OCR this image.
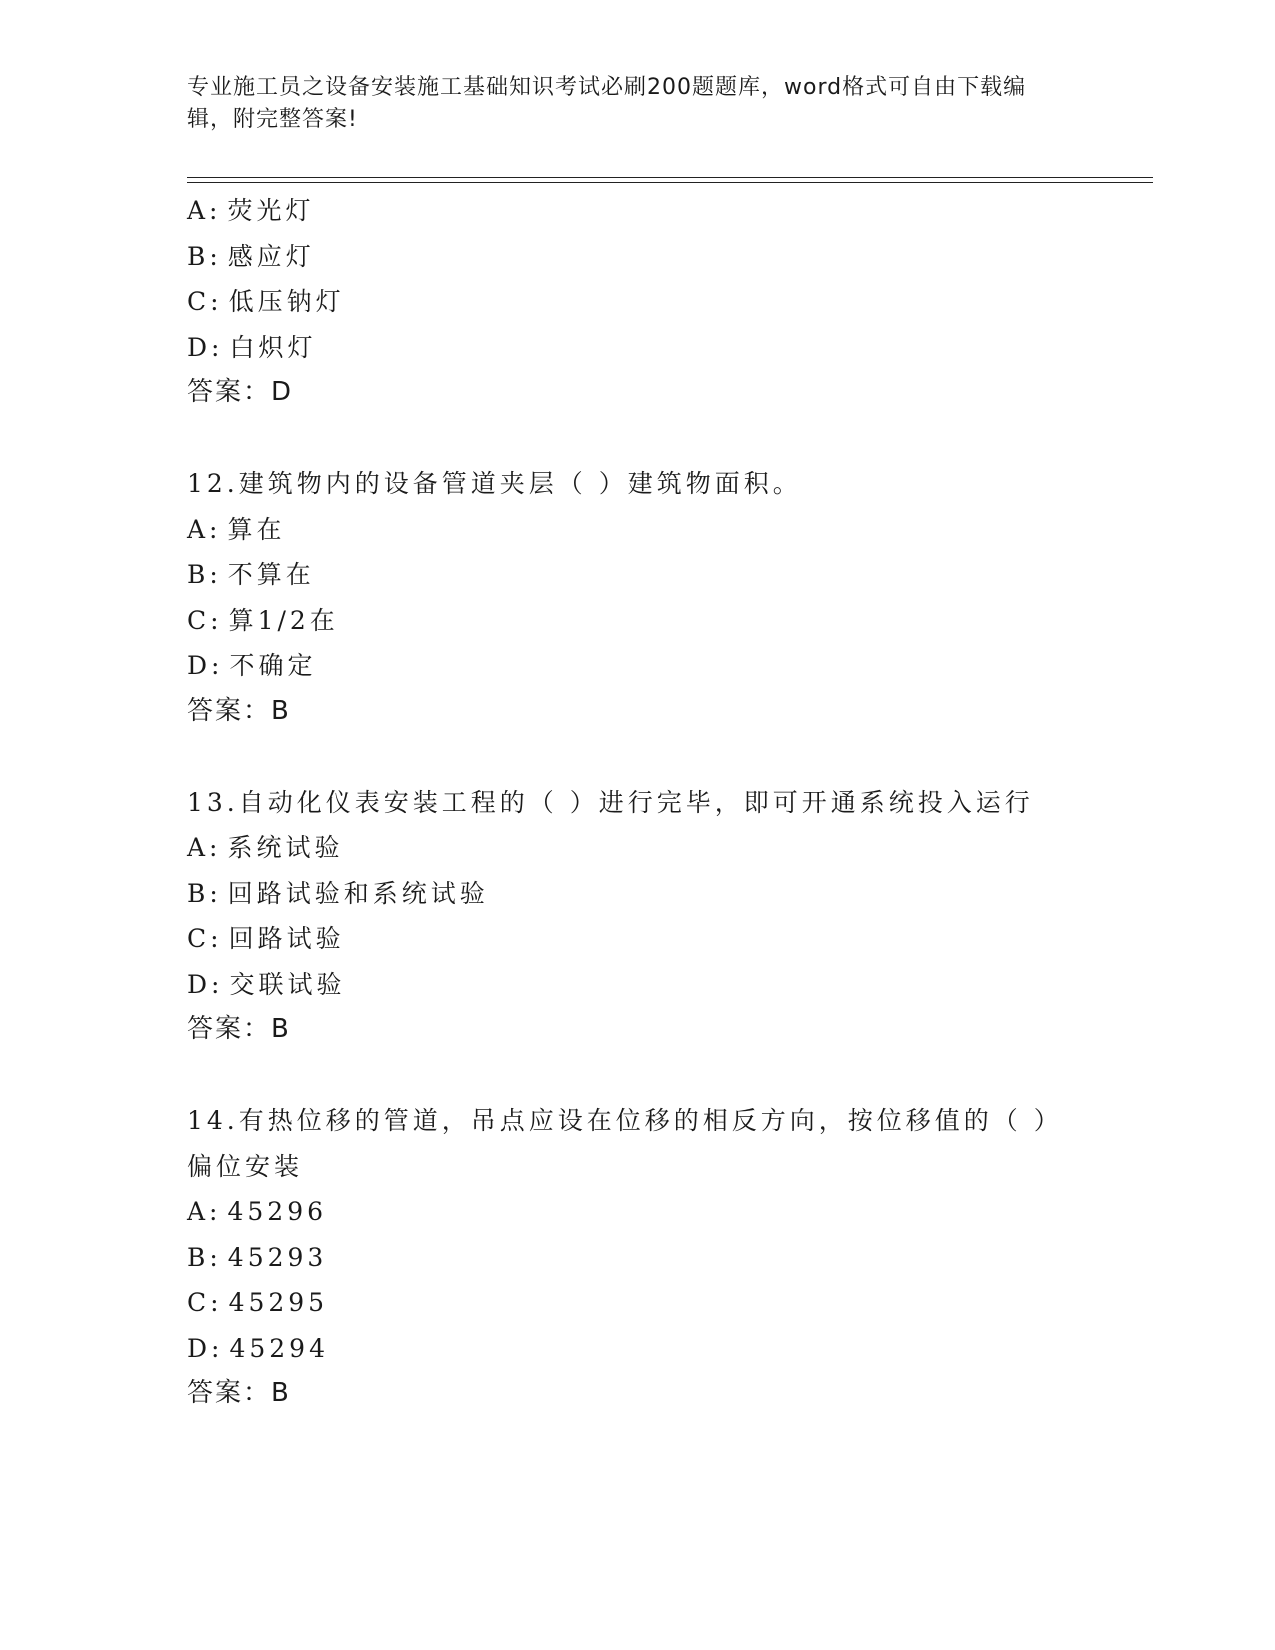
专业施工员之设备安装施工基础知识考试必刷200题题库，word格式可自由下载编辑，附完整答案!
A: 荧光灯
B: 感应灯
C: 低压钠灯
D: 白炽灯
答案：D
12.建筑物内的设备管道夹层（ ）建筑物面积。
A: 算在
B: 不算在
C: 算1/2在
D: 不确定
答案：B
13.自动化仪表安装工程的（ ）进行完毕，即可开通系统投入运行
A: 系统试验
B: 回路试验和系统试验
C: 回路试验
D: 交联试验
答案：B
14.有热位移的管道，吊点应设在位移的相反方向，按位移值的（ ）偏位安装
A: 45296
B: 45293
C: 45295
D: 45294
答案：B
